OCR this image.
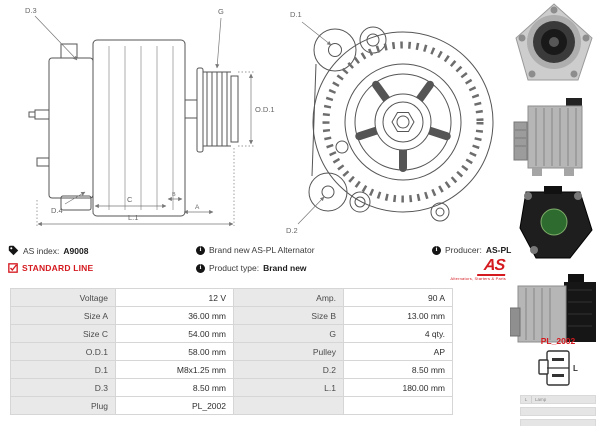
D.3	G
O.D.1
D.4
C	B
A
L.1
D.1
D.2
AS index: A9008
STANDARD LINE
i Brand new AS-PL Alternator
i Product type: Brand new
i Producer: AS-PL
AS
Alternators, Starters & Parts
Voltage	12 V	Amp.	90 A
Size A	36.00 mm	Size B	13.00 mm
Size C	54.00 mm	G	4 qty.
O.D.1	58.00 mm	Pulley	AP
D.1	M8x1.25 mm	D.2	8.50 mm
D.3	8.50 mm	L.1	180.00 mm
Plug	PL_2002		
PL_2002
L
L	Lamp
